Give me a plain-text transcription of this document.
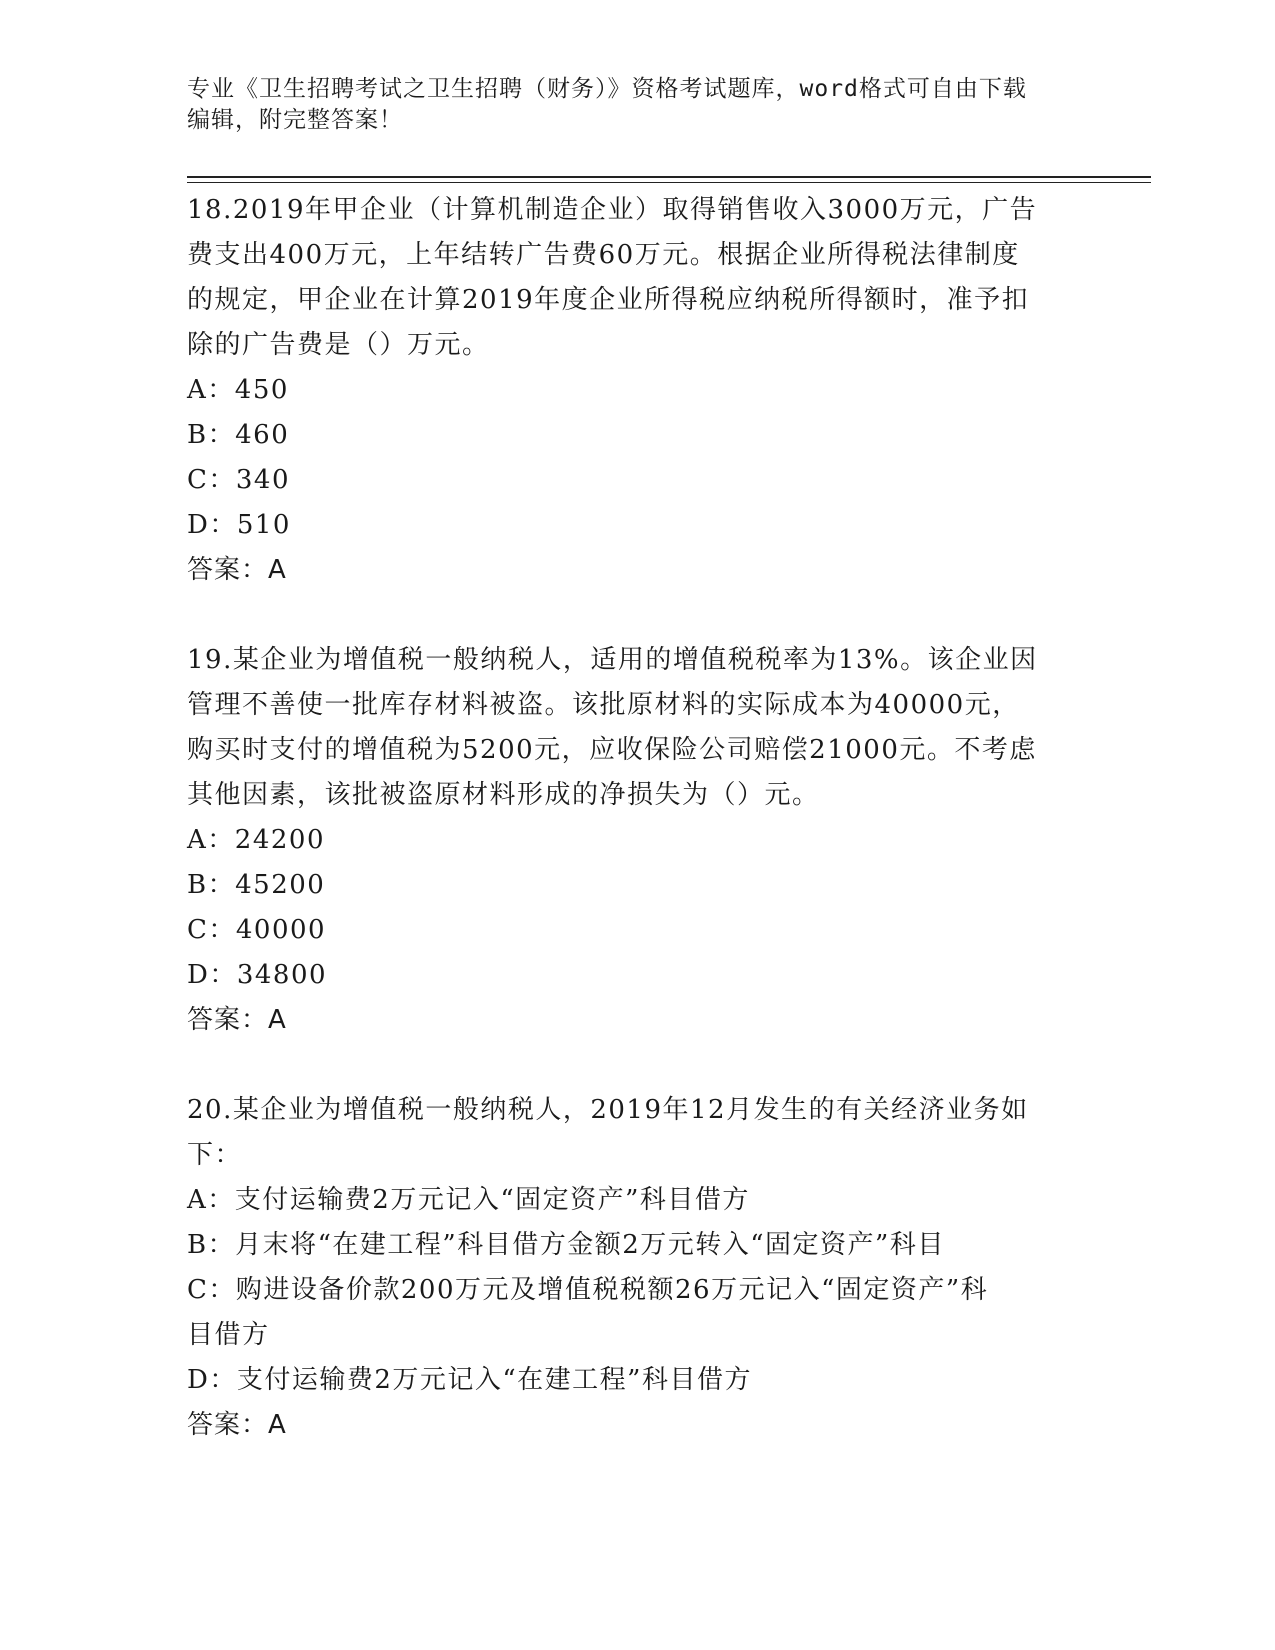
专业《卫生招聘考试之卫生招聘（财务）》资格考试题库，word格式可自由下载
编辑，附完整答案！
18.2019年甲企业（计算机制造企业）取得销售收入3000万元，广告
费支出400万元，上年结转广告费60万元。根据企业所得税法律制度
的规定，甲企业在计算2019年度企业所得税应纳税所得额时，准予扣
除的广告费是（）万元。
A：450
B：460
C：340
D：510
答案：A
19.某企业为增值税一般纳税人，适用的增值税税率为13%。该企业因
管理不善使一批库存材料被盗。该批原材料的实际成本为40000元，
购买时支付的增值税为5200元，应收保险公司赔偿21000元。不考虑
其他因素，该批被盗原材料形成的净损失为（）元。
A：24200
B：45200
C：40000
D：34800
答案：A
20.某企业为增值税一般纳税人，2019年12月发生的有关经济业务如
下：
A：支付运输费2万元记入“固定资产”科目借方
B：月末将“在建工程”科目借方金额2万元转入“固定资产”科目
C：购进设备价款200万元及增值税税额26万元记入“固定资产”科
目借方
D：支付运输费2万元记入“在建工程”科目借方
答案：A
